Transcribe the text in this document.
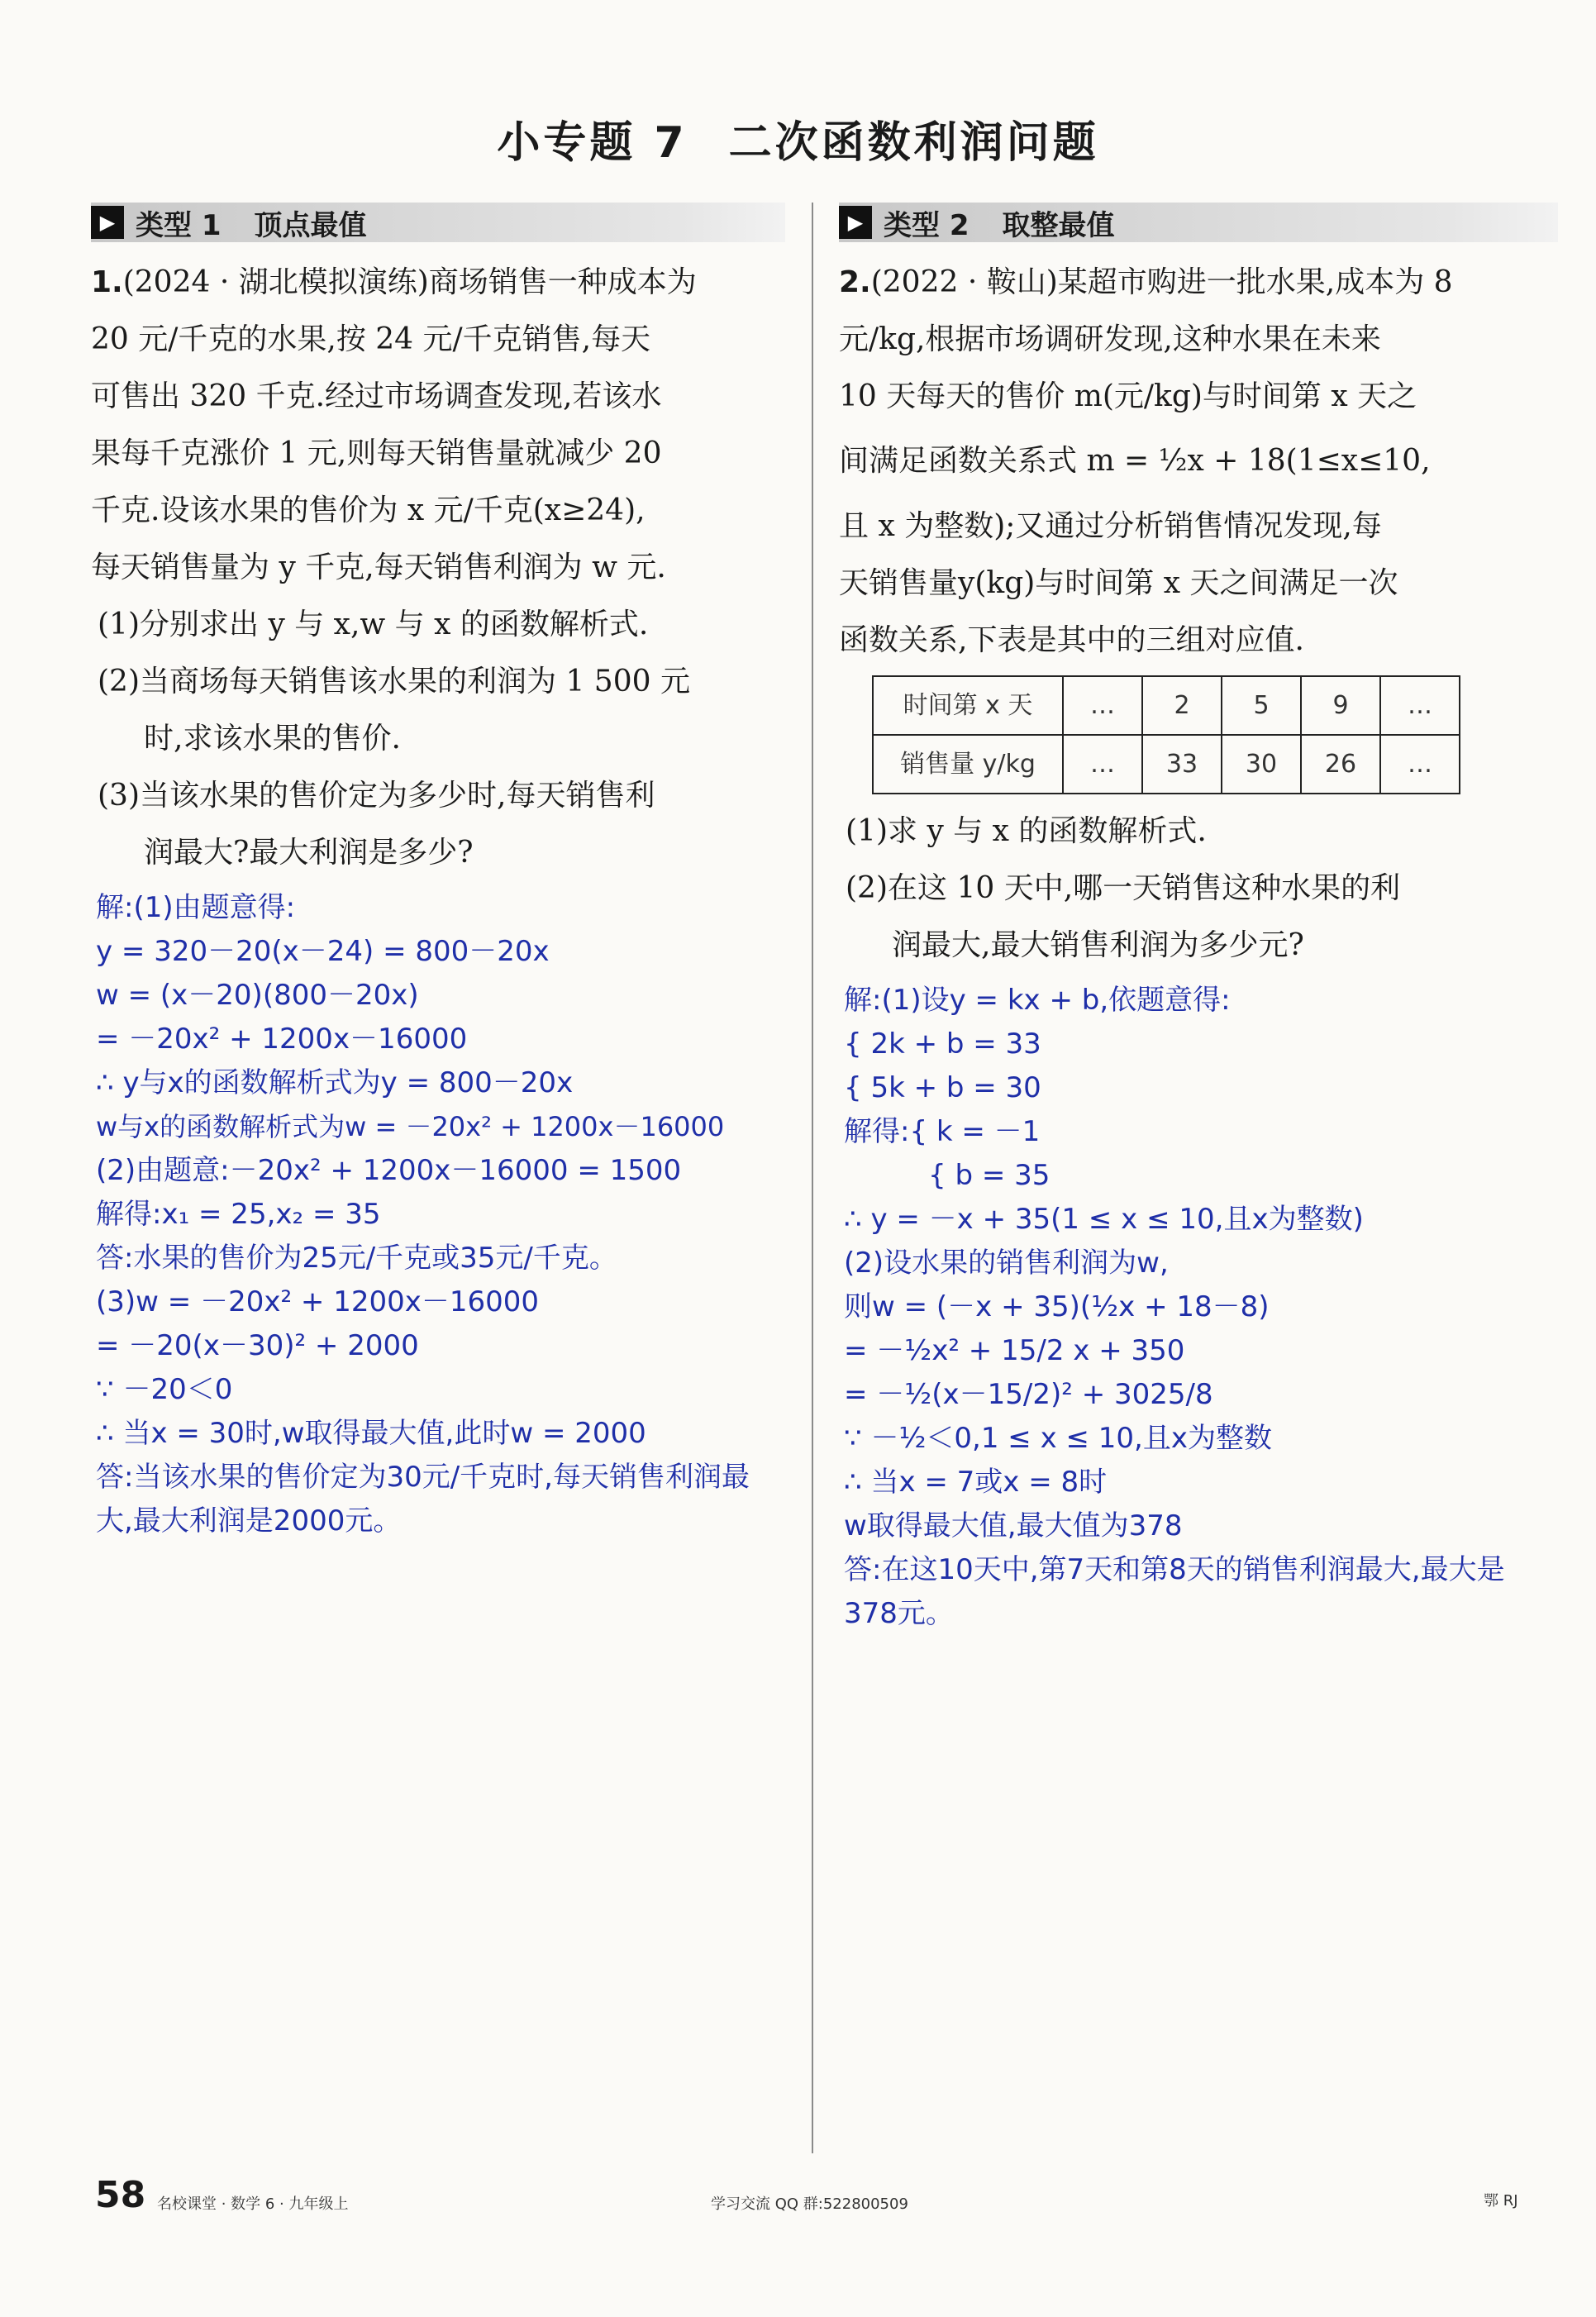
小专题 7 二次函数利润问题
▶ 类型 1 顶点最值
1.(2024 · 湖北模拟演练)商场销售一种成本为
20 元/千克的水果,按 24 元/千克销售,每天
可售出 320 千克.经过市场调查发现,若该水
果每千克涨价 1 元,则每天销售量就减少 20
千克.设该水果的售价为 x 元/千克(x≥24),
每天销售量为 y 千克,每天销售利润为 w 元.
(1)分别求出 y 与 x,w 与 x 的函数解析式.
(2)当商场每天销售该水果的利润为 1 500 元
时,求该水果的售价.
(3)当该水果的售价定为多少时,每天销售利
润最大?最大利润是多少?
解:(1)由题意得:
y = 320－20(x－24) = 800－20x
w = (x－20)(800－20x)
= －20x² + 1200x－16000
∴ y与x的函数解析式为y = 800－20x
w与x的函数解析式为w = －20x² + 1200x－16000
(2)由题意:－20x² + 1200x－16000 = 1500
解得:x₁ = 25,x₂ = 35
答:水果的售价为25元/千克或35元/千克。
(3)w = －20x² + 1200x－16000
= －20(x－30)² + 2000
∵ －20＜0
∴ 当x = 30时,w取得最大值,此时w = 2000
答:当该水果的售价定为30元/千克时,每天销售利润最大,最大利润是2000元。
▶ 类型 2 取整最值
2.(2022 · 鞍山)某超市购进一批水果,成本为 8
元/kg,根据市场调研发现,这种水果在未来
10 天每天的售价 m(元/kg)与时间第 x 天之
间满足函数关系式 m = ½x + 18(1≤x≤10,
且 x 为整数);又通过分析销售情况发现,每
天销售量y(kg)与时间第 x 天之间满足一次
函数关系,下表是其中的三组对应值.
时间第 x 天	…	2	5	9	…
销售量 y/kg	…	33	30	26	…
(1)求 y 与 x 的函数解析式.
(2)在这 10 天中,哪一天销售这种水果的利
润最大,最大销售利润为多少元?
解:(1)设y = kx + b,依题意得:
{ 2k + b = 33
{ 5k + b = 30
解得:{ k = －1
　　　{ b = 35
∴ y = －x + 35(1 ≤ x ≤ 10,且x为整数)
(2)设水果的销售利润为w,
则w = (－x + 35)(½x + 18－8)
= －½x² + 15/2 x + 350
= －½(x－15/2)² + 3025/8
∵ －½＜0,1 ≤ x ≤ 10,且x为整数
∴ 当x = 7或x = 8时
w取得最大值,最大值为378
答:在这10天中,第7天和第8天的销售利润最大,最大是378元。
58 名校课堂 · 数学 6 · 九年级上	学习交流 QQ 群:522800509	鄂 RJ
